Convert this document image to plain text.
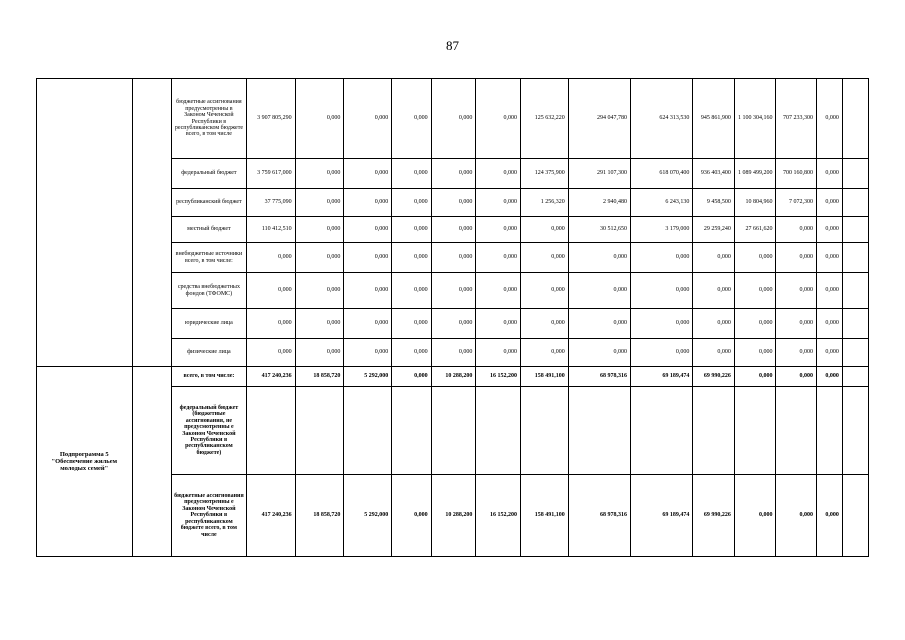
87
		бюджетные ассигнования предусмотренны в Законом Чеченской Республики в республиканском бюджете всего, в том числе	3 907 805,290	0,000	0,000	0,000	0,000	0,000	125 632,220	294 047,780	624 313,530	945 861,900	1 100 304,160	707 233,300	0,000	
		федеральный бюджет	3 759 617,000	0,000	0,000	0,000	0,000	0,000	124 375,900	291 107,300	618 070,400	936 403,400	1 089 499,200	700 160,800	0,000	
		республиканский бюджет	37 775,090	0,000	0,000	0,000	0,000	0,000	1 256,320	2 940,480	6 243,130	9 458,500	10 804,960	7 072,300	0,000	
		местный бюджет	110 412,510	0,000	0,000	0,000	0,000	0,000	0,000	30 512,650	3 179,000	29 259,240	27 661,620	0,000	0,000	
		внебюджетные источники всего, в том числе:	0,000	0,000	0,000	0,000	0,000	0,000	0,000	0,000	0,000	0,000	0,000	0,000	0,000	
		средства внебюджетных фондов (ТФОМС)	0,000	0,000	0,000	0,000	0,000	0,000	0,000	0,000	0,000	0,000	0,000	0,000	0,000	
		юридические лица	0,000	0,000	0,000	0,000	0,000	0,000	0,000	0,000	0,000	0,000	0,000	0,000	0,000	
		физические лица	0,000	0,000	0,000	0,000	0,000	0,000	0,000	0,000	0,000	0,000	0,000	0,000	0,000	
Подпрограмма 5 "Обеспечение жильем молодых семей"		всего, в том числе:	417 240,236	18 858,720	5 292,000	0,000	10 288,200	16 152,200	158 491,100	68 978,316	69 189,474	69 990,226	0,000	0,000	0,000	
		федеральный бюджет (бюджетные ассигнования, не предусмотренны е Законом Чеченской Республики в республиканском бюджете)														
		бюджетные ассигнования предусмотренны е Законом Чеченской Республики в республиканском бюджете всего, в том числе	417 240,236	18 858,720	5 292,000	0,000	10 288,200	16 152,200	158 491,100	68 978,316	69 189,474	69 990,226	0,000	0,000	0,000	
